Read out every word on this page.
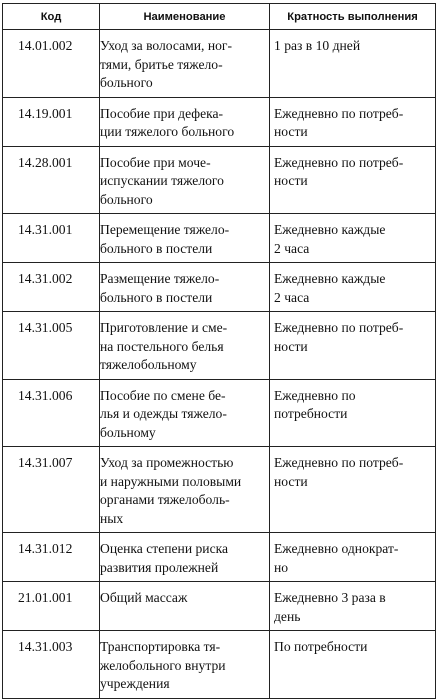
Код	Наименование	Кратность выполнения

14.01.002	Уход за волосами, ног-
тями, бритье тяжело-
больного	1 раз в 10 дней

14.19.001	Пособие при дефека-
ции тяжелого больного	Ежедневно по потреб-
ности

14.28.001	Пособие при моче-
испускании тяжелого
больного	Ежедневно по потреб-
ности

14.31.001	Перемещение тяжело-
больного в постели	Ежедневно каждые
2 часа

14.31.002	Размещение тяжело-
больного в постели	Ежедневно каждые
2 часа

14.31.005	Приготовление и сме-
на постельного белья
тяжелобольному	Ежедневно по потреб-
ности

14.31.006	Пособие по смене бе-
лья и одежды тяжело-
больному	Ежедневно по
потребности

14.31.007	Уход за промежностью
и наружными половыми
органами тяжелоболь-
ных	Ежедневно по потреб-
ности

14.31.012	Оценка степени риска
развития пролежней	Ежедневно однократ-
но

21.01.001	Общий массаж	Ежедневно 3 раза в
день

14.31.003	Транспортировка тя-
желобольного внутри
учреждения	По потребности
